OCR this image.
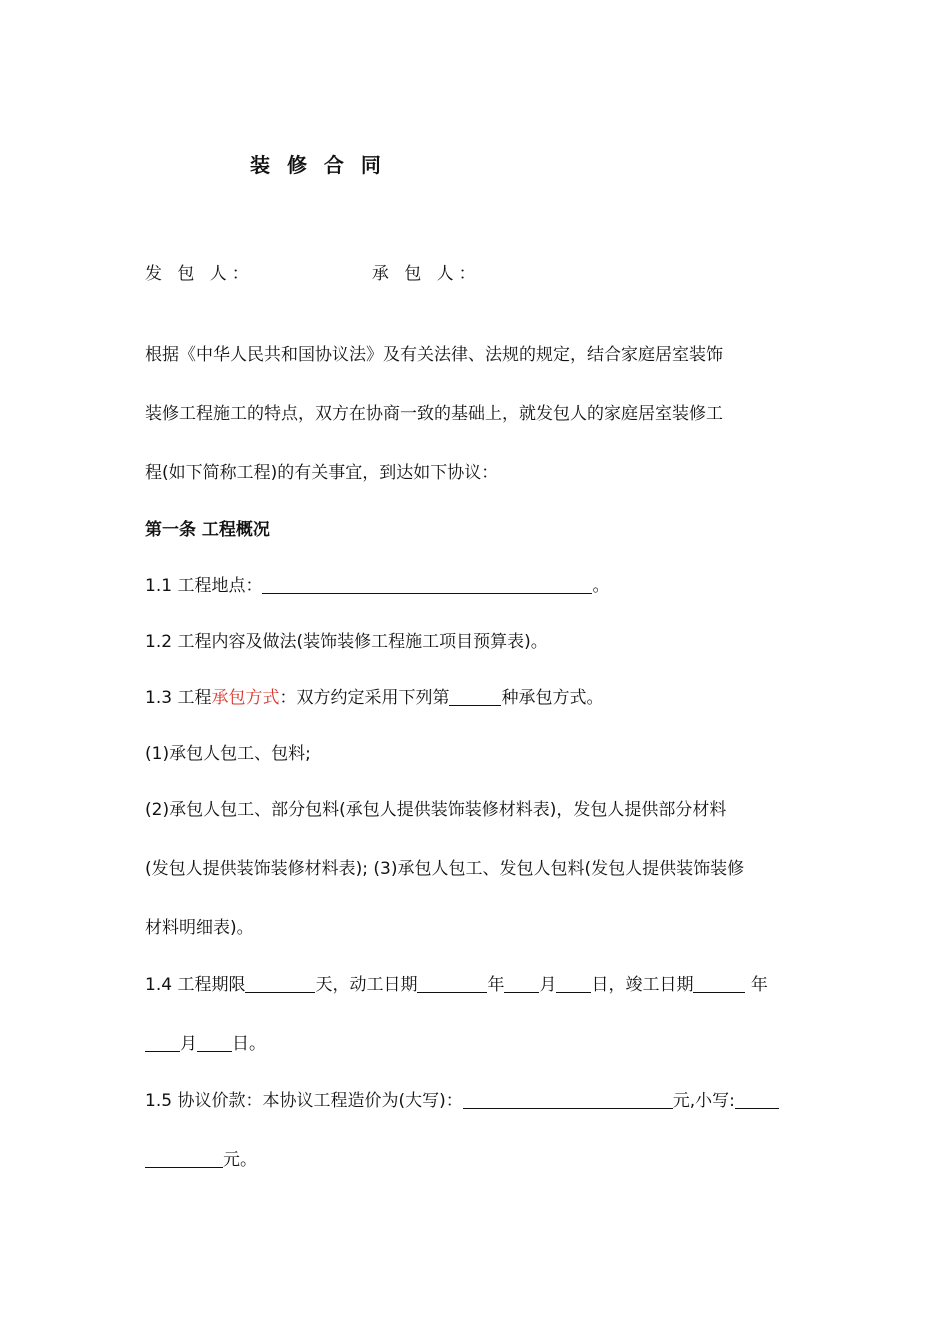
装 修 合 同
发 包 人：	承 包 人：
根据《中华人民共和国协议法》及有关法律、法规的规定，结合家庭居室装饰
装修工程施工的特点，双方在协商一致的基础上，就发包人的家庭居室装修工
程(如下简称工程)的有关事宜，到达如下协议：
第一条 工程概况
1.1 工程地点：	。
1.2 工程内容及做法(装饰装修工程施工项目预算表)。
1.3 工程承包方式：双方约定采用下列第	种承包方式。
(1)承包人包工、包料;
(2)承包人包工、部分包料(承包人提供装饰装修材料表)，发包人提供部分材料
(发包人提供装饰装修材料表); (3)承包人包工、发包人包料(发包人提供装饰装修
材料明细表)。
1.4 工程期限	天，动工日期	年 月 日，竣工日期	年
月 日。
1.5 协议价款：本协议工程造价为(大写)：	元,小写:
元。
